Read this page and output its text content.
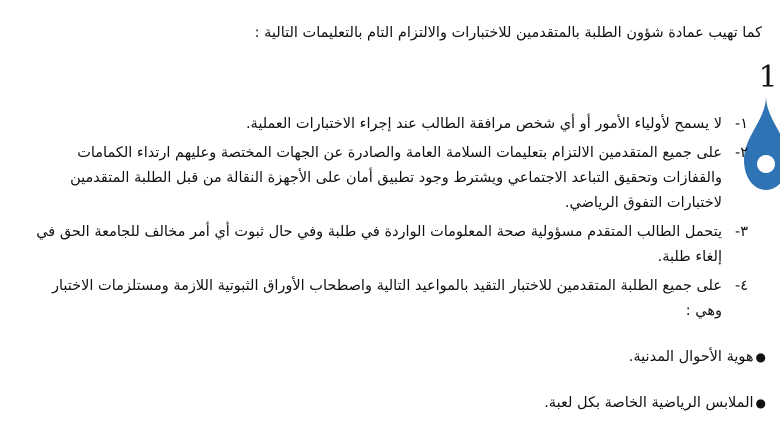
كما تهيب عمادة شؤون الطلبة بالمتقدمين للاختبارات والالتزام التام بالتعليمات التالية :
1
١-
لا يسمح لأولياء الأمور أو أي شخص مرافقة الطالب عند إجراء الاختبارات العملية.
٢-
على جميع المتقدمين الالتزام بتعليمات السلامة العامة والصادرة عن الجهات المختصة وعليهم ارتداء الكمامات والقفازات وتحقيق التباعد الاجتماعي ويشترط وجود تطبيق أمان على الأجهزة النقالة من قبل الطلبة المتقدمين لاختبارات التفوق الرياضي.
٣-
يتحمل الطالب المتقدم مسؤولية صحة المعلومات الواردة في طلبة وفي حال ثبوت أي أمر مخالف للجامعة الحق في إلغاء طلبة.
٤-
على جميع الطلبة المتقدمين للاختبار التقيد بالمواعيد التالية واصطحاب الأوراق الثبوتية اللازمة ومستلزمات الاختبار وهي :
●هوية الأحوال المدنية.
●الملابس الرياضية الخاصة بكل لعبة.
